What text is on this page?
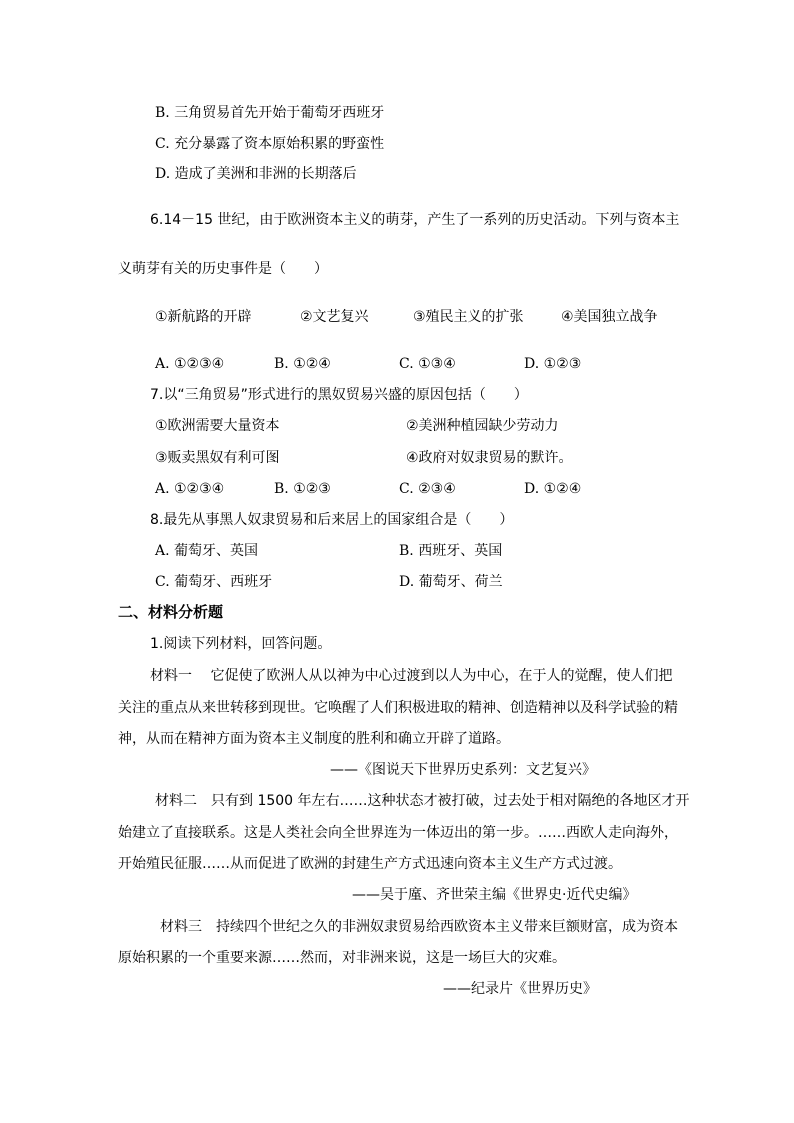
B. 三角贸易首先开始于葡萄牙西班牙
C. 充分暴露了资本原始积累的野蛮性
D. 造成了美洲和非洲的长期落后
6.14－15 世纪，由于欧洲资本主义的萌芽，产生了一系列的历史活动。下列与资本主
义萌芽有关的历史事件是（　　）
①新航路的开辟	②文艺复兴	③殖民主义的扩张	④美国独立战争
A. ①②③④	B. ①②④	C. ①③④	D. ①②③
7.以“三角贸易”形式进行的黑奴贸易兴盛的原因包括（　　）
①欧洲需要大量资本	②美洲种植园缺少劳动力
③贩卖黑奴有利可图	④政府对奴隶贸易的默许。
A. ①②③④	B. ①②③	C. ②③④	D. ①②④
8.最先从事黑人奴隶贸易和后来居上的国家组合是（　　）
A. 葡萄牙、英国	B. 西班牙、英国
C. 葡萄牙、西班牙	D. 葡萄牙、荷兰
二、材料分析题
1.阅读下列材料，回答问题。
材料一　 它促使了欧洲人从以神为中心过渡到以人为中心，在于人的觉醒，使人们把
关注的重点从来世转移到现世。它唤醒了人们积极进取的精神、创造精神以及科学试验的精
神，从而在精神方面为资本主义制度的胜利和确立开辟了道路。
——《图说天下世界历史系列：文艺复兴》
材料二　只有到 1500 年左右……这种状态才被打破，过去处于相对隔绝的各地区才开
始建立了直接联系。这是人类社会向全世界连为一体迈出的第一步。……西欧人走向海外，
开始殖民征服……从而促进了欧洲的封建生产方式迅速向资本主义生产方式过渡。
——吴于廑、齐世荣主编《世界史·近代史编》
材料三　持续四个世纪之久的非洲奴隶贸易给西欧资本主义带来巨额财富，成为资本
原始积累的一个重要来源……然而，对非洲来说，这是一场巨大的灾难。
——纪录片《世界历史》
